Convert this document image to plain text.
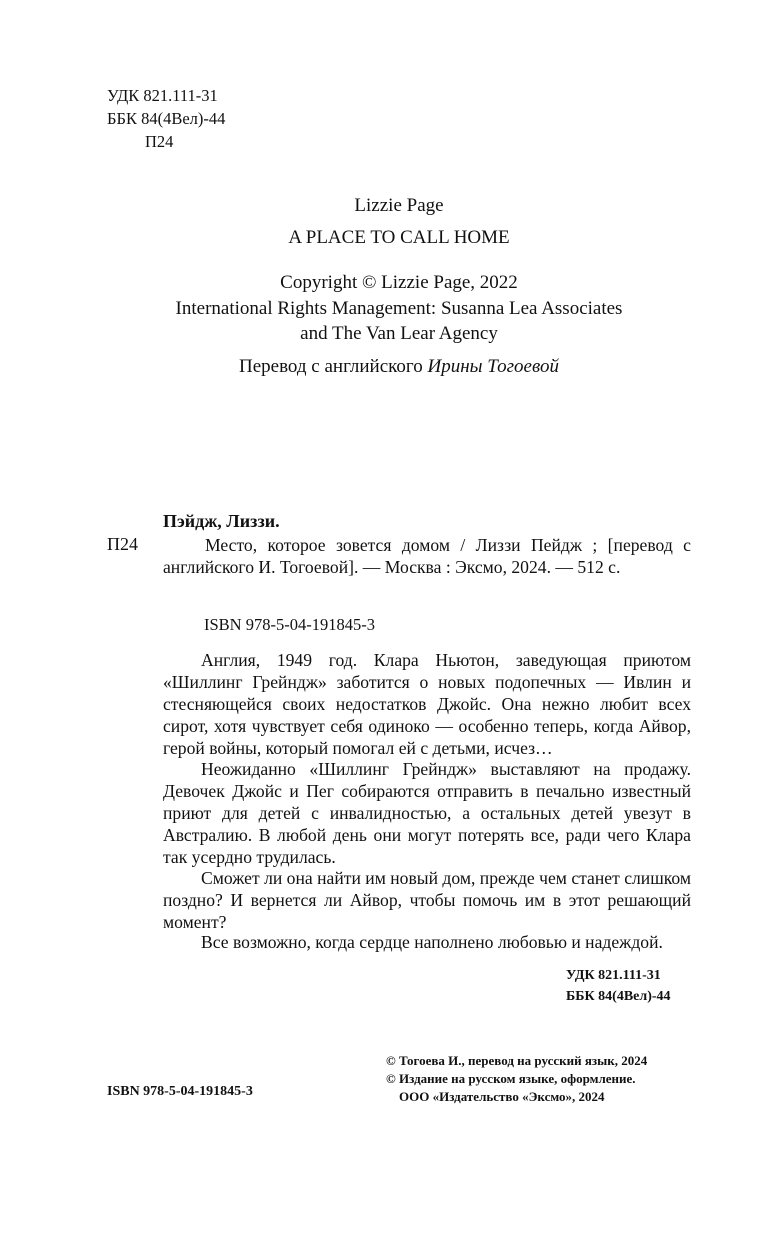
УДК 821.111-31
ББК 84(4Вел)-44
П24
Lizzie Page
A PLACE TO CALL HOME
Copyright © Lizzie Page, 2022
International Rights Management: Susanna Lea Associates
and The Van Lear Agency
Перевод с английского Ирины Тогоевой
Пэйдж, Лиззи.
П24	Место, которое зовется домом / Лиззи Пейдж ; [перевод с английского И. Тогоевой]. — Москва : Эксмо, 2024. — 512 с.
ISBN 978-5-04-191845-3
Англия, 1949 год. Клара Ньютон, заведующая приютом «Шиллинг Грейндж» заботится о новых подопечных — Ивлин и стесняющейся своих недостатков Джойс. Она нежно любит всех сирот, хотя чувствует себя одиноко — особенно теперь, когда Айвор, герой войны, который помогал ей с детьми, исчез…
Неожиданно «Шиллинг Грейндж» выставляют на продажу. Девочек Джойс и Пег собираются отправить в печально известный приют для детей с инвалидностью, а остальных детей увезут в Австралию. В любой день они могут потерять все, ради чего Клара так усердно трудилась.
Сможет ли она найти им новый дом, прежде чем станет слишком поздно? И вернется ли Айвор, чтобы помочь им в этот решающий момент?
Все возможно, когда сердце наполнено любовью и надеждой.
УДК 821.111-31
ББК 84(4Вел)-44
© Тогоева И., перевод на русский язык, 2024
© Издание на русском языке, оформление.
ООО «Издательство «Эксмо», 2024
ISBN 978-5-04-191845-3
